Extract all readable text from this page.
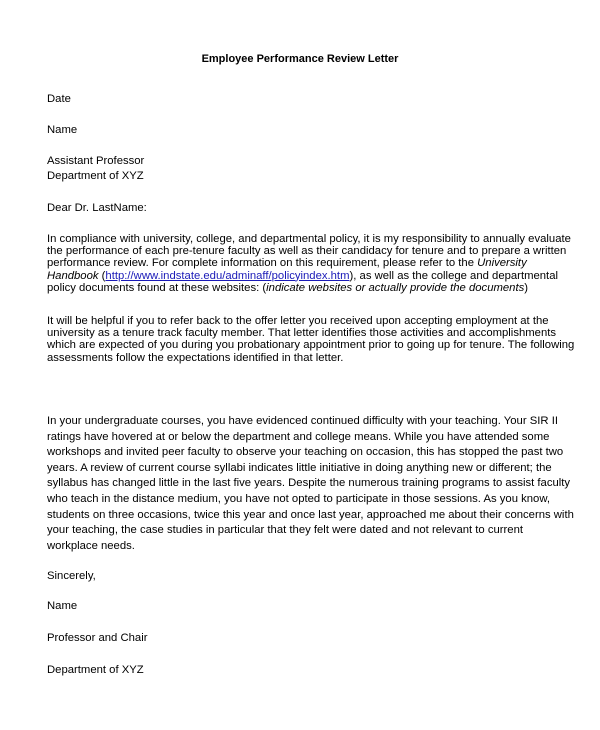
Employee Performance Review Letter
Date
Name
Assistant Professor
Department of XYZ
Dear Dr. LastName:
In compliance with university, college, and departmental policy, it is my responsibility to annually evaluate
the performance of each pre-tenure faculty as well as their candidacy for tenure and to prepare a written
performance review. For complete information on this requirement, please refer to the University
Handbook (http://www.indstate.edu/adminaff/policyindex.htm), as well as the college and departmental
policy documents found at these websites: (indicate websites or actually provide the documents)
It will be helpful if you to refer back to the offer letter you received upon accepting employment at the
university as a tenure track faculty member. That letter identifies those activities and accomplishments
which are expected of you during you probationary appointment prior to going up for tenure. The following
assessments follow the expectations identified in that letter.
In your undergraduate courses, you have evidenced continued difficulty with your teaching. Your SIR II
ratings have hovered at or below the department and college means. While you have attended some
workshops and invited peer faculty to observe your teaching on occasion, this has stopped the past two
years. A review of current course syllabi indicates little initiative in doing anything new or different; the
syllabus has changed little in the last five years. Despite the numerous training programs to assist faculty
who teach in the distance medium, you have not opted to participate in those sessions. As you know,
students on three occasions, twice this year and once last year, approached me about their concerns with
your teaching, the case studies in particular that they felt were dated and not relevant to current
workplace needs.
Sincerely,
Name
Professor and Chair
Department of XYZ
